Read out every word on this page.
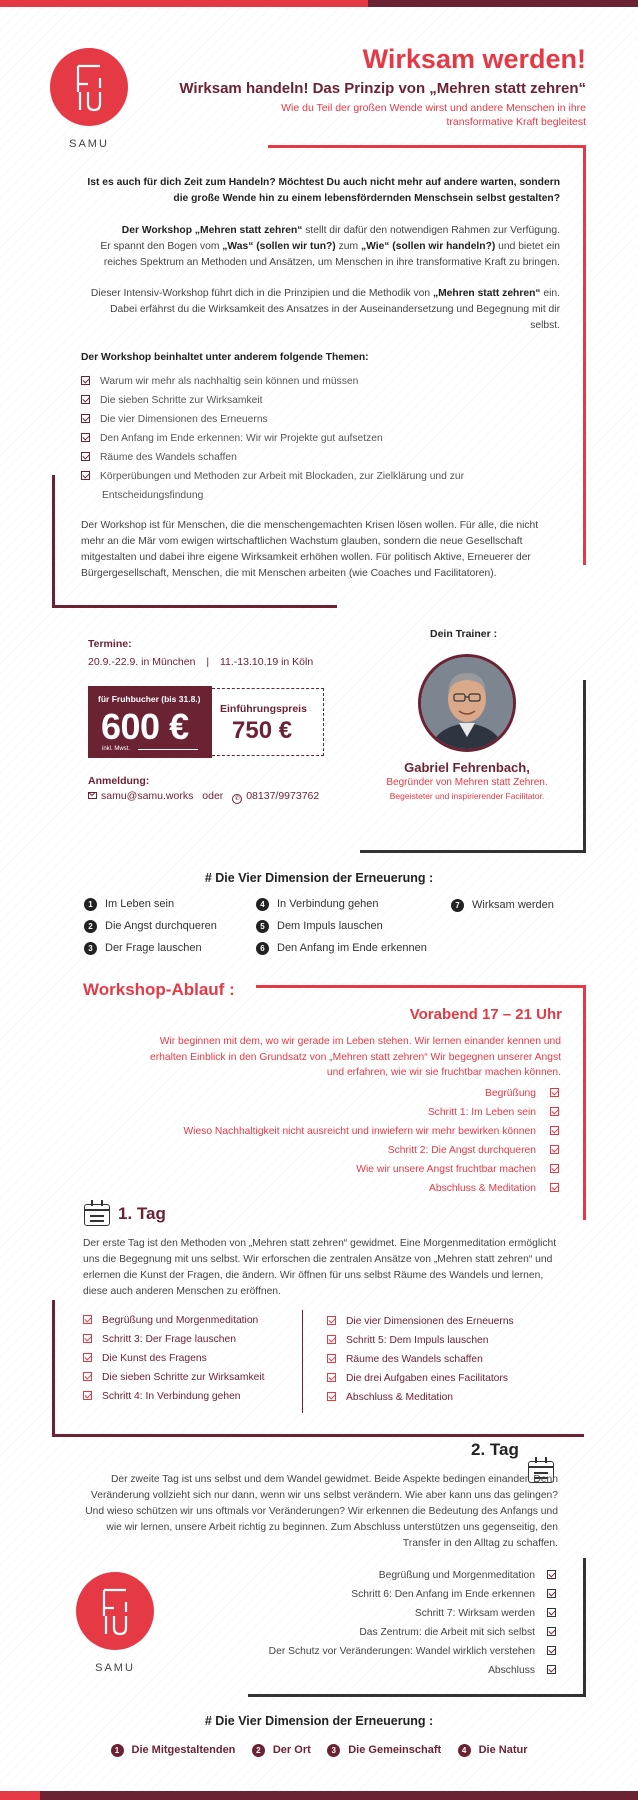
SAMU
Wirksam werden!
Wirksam handeln! Das Prinzip von „Mehren statt zehren“
Wie du Teil der großen Wende wirst und andere Menschen in ihre transformative Kraft begleitest
Ist es auch für dich Zeit zum Handeln? Möchtest Du auch nicht mehr auf andere warten, sondern die große Wende hin zu einem lebensfördernden Menschsein selbst gestalten?
Der Workshop „Mehren statt zehren“ stellt dir dafür den notwendigen Rahmen zur Verfügung.
Er spannt den Bogen vom „Was“ (sollen wir tun?) zum „Wie“ (sollen wir handeln?) und bietet ein reiches Spektrum an Methoden und Ansätzen, um Menschen in ihre transformative Kraft zu bringen.
Dieser Intensiv-Workshop führt dich in die Prinzipien und die Methodik von „Mehren statt zehren“ ein. Dabei erfährst du die Wirksamkeit des Ansatzes in der Auseinandersetzung und Begegnung mit dir selbst.
Der Workshop beinhaltet unter anderem folgende Themen:
Warum wir mehr als nachhaltig sein können und müssen
Die sieben Schritte zur Wirksamkeit
Die vier Dimensionen des Erneuerns
Den Anfang im Ende erkennen: Wir wir Projekte gut aufsetzen
Räume des Wandels schaffen
Körperübungen und Methoden zur Arbeit mit Blockaden, zur Zielklärung und zur
Entscheidungsfindung
Der Workshop ist für Menschen, die die menschengemachten Krisen lösen wollen. Für alle, die nicht mehr an die Mär vom ewigen wirtschaftlichen Wachstum glauben, sondern die neue Gesellschaft mitgestalten und dabei ihre eigene Wirksamkeit erhöhen wollen. Für politisch Aktive, Erneuerer der Bürgergesellschaft, Menschen, die mit Menschen arbeiten (wie Coaches und Facilitatoren).
Termine:
20.9.-22.9. in München | 11.-13.10.19 in Köln
für Fruhbucher (bis 31.8.)
600 €
inkl. Mwst.
Einführungspreis
750 €
Anmeldung:
samu@samu.works oder ✆ 08137/9973762
Dein Trainer :
Gabriel Fehrenbach,
Begründer von Mehren statt Zehren.
Begeisteter und inspirierender Facilitator.
# Die Vier Dimension der Erneuerung :
1 Im Leben sein
2 Die Angst durchqueren
3 Der Frage lauschen
4 In Verbindung gehen
5 Dem Impuls lauschen
6 Den Anfang im Ende erkennen
7 Wirksam werden
Workshop-Ablauf :
Vorabend 17 – 21 Uhr
Wir beginnen mit dem, wo wir gerade im Leben stehen. Wir lernen einander kennen und erhalten Einblick in den Grundsatz von „Mehren statt zehren“ Wir begegnen unserer Angst und erfahren, wie wir sie fruchtbar machen können.
Begrüßung
Schritt 1: Im Leben sein
Wieso Nachhaltigkeit nicht ausreicht und inwiefern wir mehr bewirken können
Schritt 2: Die Angst durchqueren
Wie wir unsere Angst fruchtbar machen
Abschluss & Meditation
1. Tag
Der erste Tag ist den Methoden von „Mehren statt zehren“ gewidmet. Eine Morgenmeditation ermöglicht uns die Begegnung mit uns selbst. Wir erforschen die zentralen Ansätze von „Mehren statt zehren“ und erlernen die Kunst der Fragen, die ändern. Wir öffnen für uns selbst Räume des Wandels und lernen, diese auch anderen Menschen zu eröffnen.
Begrüßung und Morgenmeditation
Schritt 3: Der Frage lauschen
Die Kunst des Fragens
Die sieben Schritte zur Wirksamkeit
Schritt 4: In Verbindung gehen
Die vier Dimensionen des Erneuerns
Schritt 5: Dem Impuls lauschen
Räume des Wandels schaffen
Die drei Aufgaben eines Facilitators
Abschluss & Meditation
2. Tag
Der zweite Tag ist uns selbst und dem Wandel gewidmet. Beide Aspekte bedingen einander. Denn Veränderung vollzieht sich nur dann, wenn wir uns selbst verändern. Wie aber kann uns das gelingen? Und wieso schützen wir uns oftmals vor Veränderungen? Wir erkennen die Bedeutung des Anfangs und wie wir lernen, unsere Arbeit richtig zu beginnen. Zum Abschluss unterstützen uns gegenseitig, den Transfer in den Alltag zu schaffen.
SAMU
Begrüßung und Morgenmeditation
Schritt 6: Den Anfang im Ende erkennen
Schritt 7: Wirksam werden
Das Zentrum: die Arbeit mit sich selbst
Der Schutz vor Veränderungen: Wandel wirklich verstehen
Abschluss
# Die Vier Dimension der Erneuerung :
1 Die Mitgestaltenden	2 Der Ort	3 Die Gemeinschaft	4 Die Natur
